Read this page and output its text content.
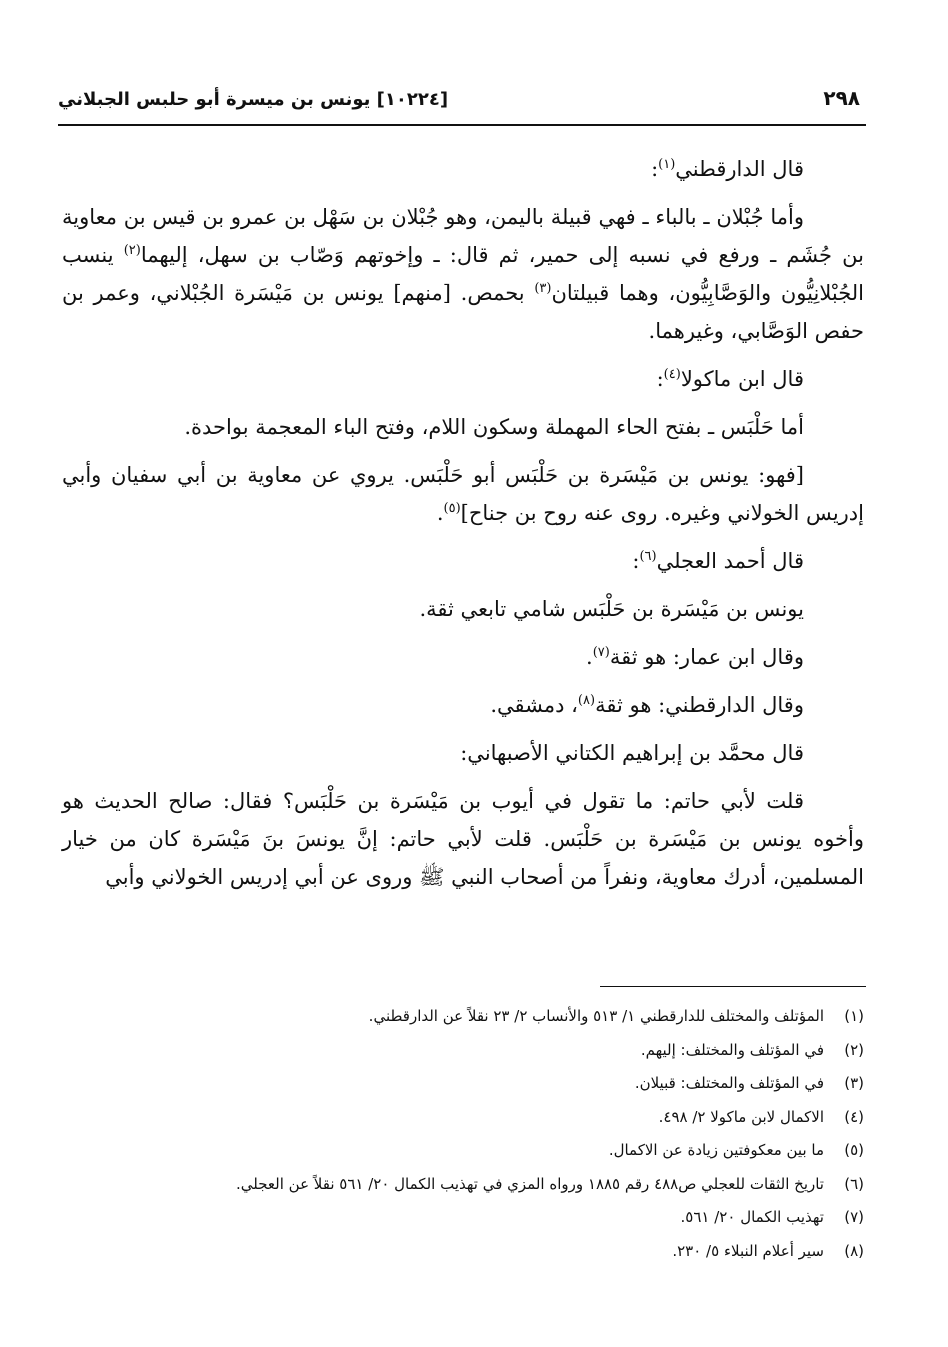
[١٠٢٢٤] يونس بن ميسرة أبو حلبس الجبلاني	٢٩٨

قال الدارقطني$^{(١)}$:

وأما جُبْلان ـ بالباء ـ فهي قبيلة باليمن، وهو جُبْلان بن سَهْل بن عمرو بن قيس بن معاوية بن جُشَم ـ ورفع في نسبه إلى حمير، ثم قال: ـ وإخوتهم وَصّاب بن سهل، إليهما$^{(٢)}$ ينسب الجُبْلانِيُّون والوَصَّابِيُّون، وهما قبيلتان$^{(٣)}$ بحمص. [منهم] يونس بن مَيْسَرة الجُبْلاني، وعمر بن حفص الوَصَّابي، وغيرهما.

قال ابن ماكولا$^{(٤)}$:

أما حَلْبَس ـ بفتح الحاء المهملة وسكون اللام، وفتح الباء المعجمة بواحدة.

[فهو: يونس بن مَيْسَرة بن حَلْبَس أبو حَلْبَس. يروي عن معاوية بن أبي سفيان وأبي إدريس الخولاني وغيره. روى عنه روح بن جناح]$^{(٥)}$.

قال أحمد العجلي$^{(٦)}$:

يونس بن مَيْسَرة بن حَلْبَس شامي تابعي ثقة.

وقال ابن عمار: هو ثقة$^{(٧)}$.

وقال الدارقطني: هو ثقة$^{(٨)}$، دمشقي.

قال محمَّد بن إبراهيم الكتاني الأصبهاني:

قلت لأبي حاتم: ما تقول في أيوب بن مَيْسَرة بن حَلْبَس؟ فقال: صالح الحديث هو وأخوه يونس بن مَيْسَرة بن حَلْبَس. قلت لأبي حاتم: إنَّ يونسَ بنَ مَيْسَرة كان من خيار المسلمين، أدرك معاوية، ونفراً من أصحاب النبي ﷺ وروى عن أبي إدريس الخولاني وأبي

(١)
المؤتلف والمختلف للدارقطني ١/ ٥١٣ والأنساب ٢/ ٢٣ نقلاً عن الدارقطني.
(٢)
في المؤتلف والمختلف: إليهم.
(٣)
في المؤتلف والمختلف: قبيلان.
(٤)
الاكمال لابن ماكولا ٢/ ٤٩٨.
(٥)
ما بين معكوفتين زيادة عن الاكمال.
(٦)
تاريخ الثقات للعجلي ص٤٨٨ رقم ١٨٨٥ ورواه المزي في تهذيب الكمال ٢٠/ ٥٦١ نقلاً عن العجلي.
(٧)
تهذيب الكمال ٢٠/ ٥٦١.
(٨)
سير أعلام النبلاء ٥/ ٢٣٠.
